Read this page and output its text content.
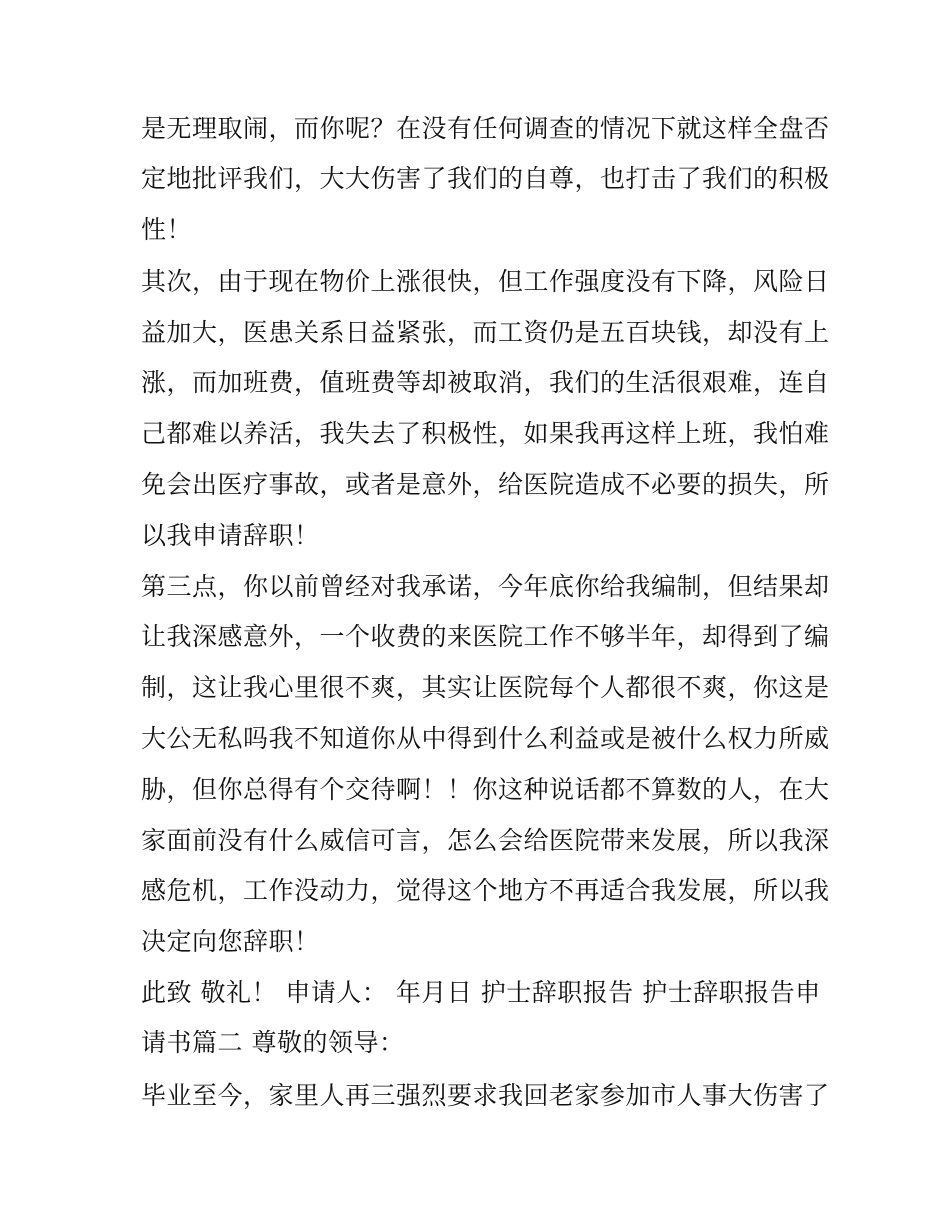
是无理取闹，而你呢？在没有任何调查的情况下就这样全盘否
定地批评我们，大大伤害了我们的自尊，也打击了我们的积极
性！
其次，由于现在物价上涨很快，但工作强度没有下降，风险日
益加大，医患关系日益紧张，而工资仍是五百块钱，却没有上
涨，而加班费，值班费等却被取消，我们的生活很艰难，连自
己都难以养活，我失去了积极性，如果我再这样上班，我怕难
免会出医疗事故，或者是意外，给医院造成不必要的损失，所
以我申请辞职！
第三点，你以前曾经对我承诺，今年底你给我编制，但结果却
让我深感意外，一个收费的来医院工作不够半年，却得到了编
制，这让我心里很不爽，其实让医院每个人都很不爽，你这是
大公无私吗我不知道你从中得到什么利益或是被什么权力所威
胁，但你总得有个交待啊！！你这种说话都不算数的人，在大
家面前没有什么威信可言，怎么会给医院带来发展，所以我深
感危机，工作没动力，觉得这个地方不再适合我发展，所以我
决定向您辞职！
此致 敬礼！ 申请人： 年月日 护士辞职报告 护士辞职报告申
请书篇二 尊敬的领导：
毕业至今，家里人再三强烈要求我回老家参加市人事大伤害了
